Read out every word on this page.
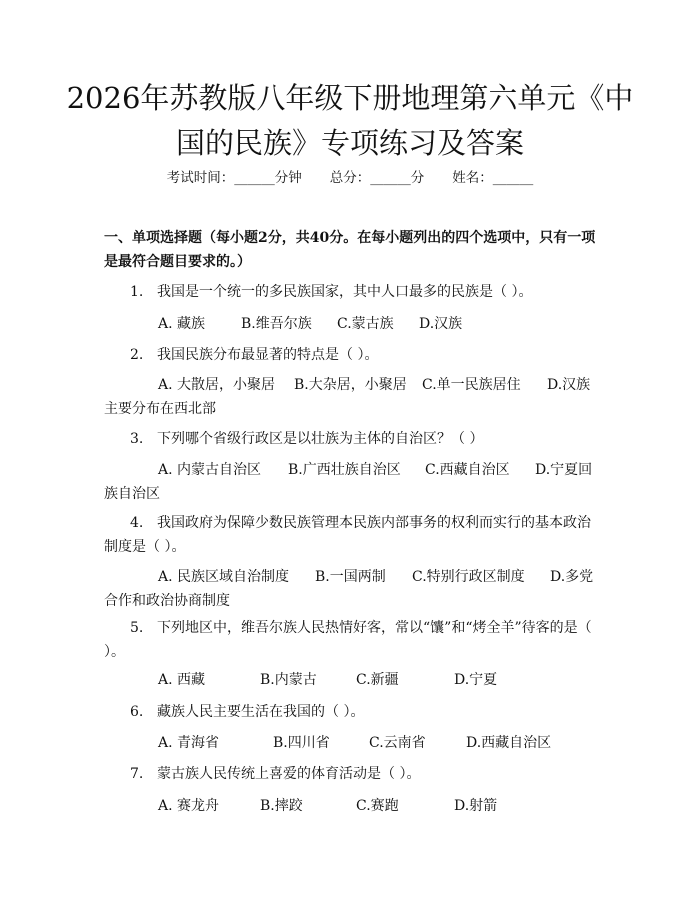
2026年苏教版八年级下册地理第六单元《中
国的民族》专项练习及答案
考试时间：______分钟 总分：______分 姓名：______
一、单项选择题（每小题2分，共40分。在每小题列出的四个选项中，只有一项是最符合题目要求的。）
1. 我国是一个统一的多民族国家，其中人口最多的民族是（ ）。
A. 藏族	B.维吾尔族 C.蒙古族 D.汉族
2. 我国民族分布最显著的特点是（ ）。
A. 大散居，小聚居 B.大杂居，小聚居 C.单一民族居住 D.汉族主要分布在西北部
3. 下列哪个省级行政区是以壮族为主体的自治区？（ ）
A. 内蒙古自治区 B.广西壮族自治区 C.西藏自治区 D.宁夏回族自治区
4. 我国政府为保障少数民族管理本民族内部事务的权利而实行的基本政治制度是（ ）。
A. 民族区域自治制度 B.一国两制 C.特别行政区制度 D.多党合作和政治协商制度
5. 下列地区中，维吾尔族人民热情好客，常以“馕”和“烤全羊”待客的是（ ）。
A. 西藏	B.内蒙古	C.新疆	D.宁夏
6. 藏族人民主要生活在我国的（ ）。
A. 青海省	B.四川省	C.云南省	D.西藏自治区
7. 蒙古族人民传统上喜爱的体育活动是（ ）。
A. 赛龙舟	B.摔跤	C.赛跑	D.射箭
